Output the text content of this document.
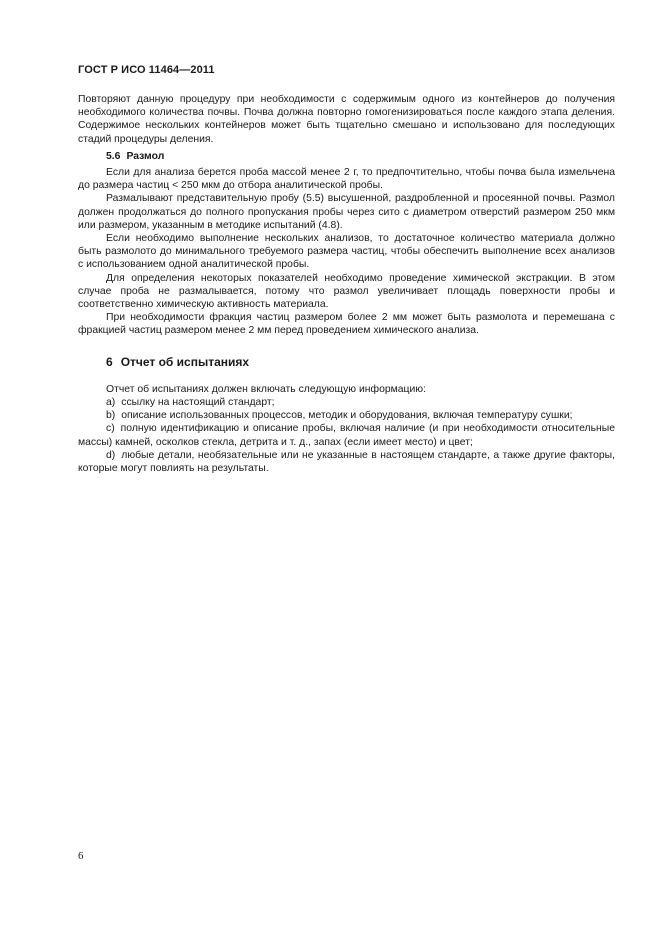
ГОСТ Р ИСО 11464—2011

Повторяют данную процедуру при необходимости с содержимым одного из контейнеров до получения необходимого количества почвы. Почва должна повторно гомогенизироваться после каждого этапа деления. Содержимое нескольких контейнеров может быть тщательно смешано и использовано для последующих стадий процедуры деления.

5.6 Размол

Если для анализа берется проба массой менее 2 г, то предпочтительно, чтобы почва была измельчена до размера частиц < 250 мкм до отбора аналитической пробы.

Размалывают представительную пробу (5.5) высушенной, раздробленной и просеянной почвы. Размол должен продолжаться до полного пропускания пробы через сито с диаметром отверстий размером 250 мкм или размером, указанным в методике испытаний (4.8).

Если необходимо выполнение нескольких анализов, то достаточное количество материала должно быть размолото до минимального требуемого размера частиц, чтобы обеспечить выполнение всех анализов с использованием одной аналитической пробы.

Для определения некоторых показателей необходимо проведение химической экстракции. В этом случае проба не размалывается, потому что размол увеличивает площадь поверхности пробы и соответственно химическую активность материала.

При необходимости фракция частиц размером более 2 мм может быть размолота и перемешана с фракцией частиц размером менее 2 мм перед проведением химического анализа.

6 Отчет об испытаниях

Отчет об испытаниях должен включать следующую информацию:

a) ссылку на настоящий стандарт;

b) описание использованных процессов, методик и оборудования, включая температуру сушки;

c) полную идентификацию и описание пробы, включая наличие (и при необходимости относительные массы) камней, осколков стекла, детрита и т. д., запах (если имеет место) и цвет;

d) любые детали, необязательные или не указанные в настоящем стандарте, а также другие факторы, которые могут повлиять на результаты.

6
